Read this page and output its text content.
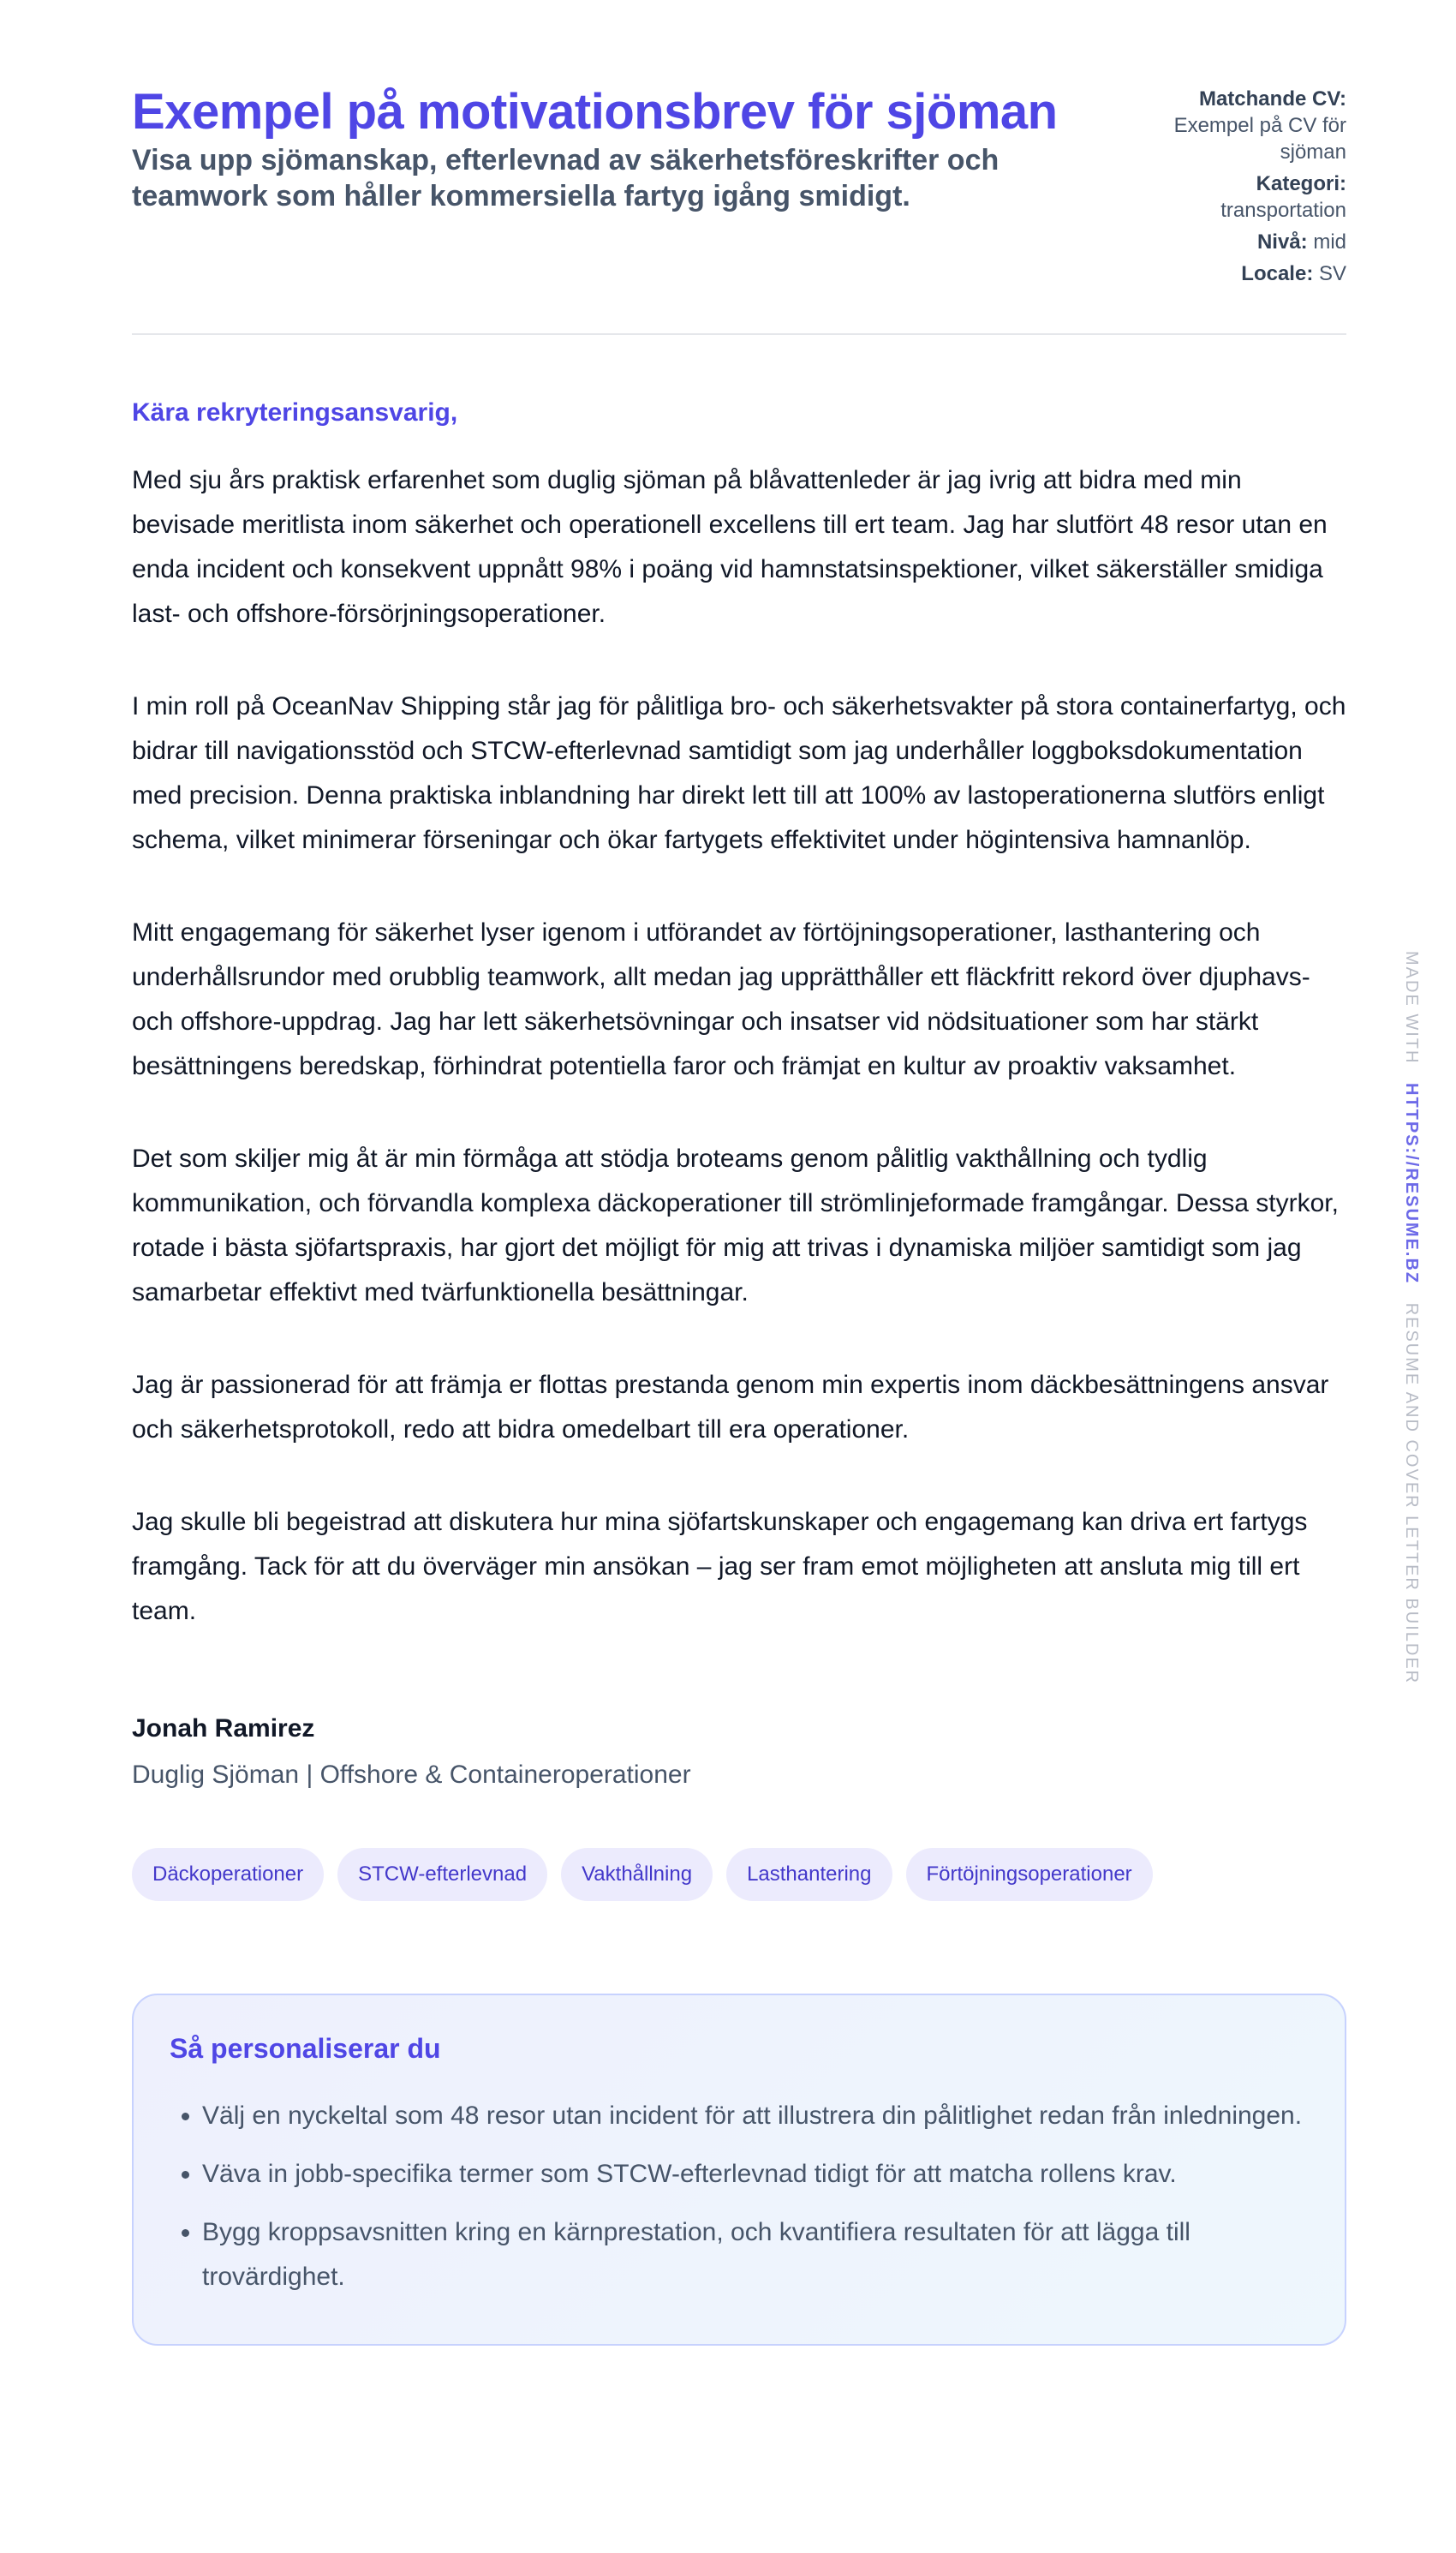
Exempel på motivationsbrev för sjöman
Visa upp sjömanskap, efterlevnad av säkerhetsföreskrifter och teamwork som håller kommersiella fartyg igång smidigt.
Matchande CV:
Exempel på CV för sjöman
Kategori:
transportation
Nivå: mid
Locale: SV
Kära rekryteringsansvarig,

Med sju års praktisk erfarenhet som duglig sjöman på blåvattenleder är jag ivrig att bidra med min bevisade meritlista inom säkerhet och operationell excellens till ert team. Jag har slutfört 48 resor utan en enda incident och konsekvent uppnått 98% i poäng vid hamnstatsinspektioner, vilket säkerställer smidiga last- och offshore-försörjningsoperationer.

I min roll på OceanNav Shipping står jag för pålitliga bro- och säkerhetsvakter på stora containerfartyg, och bidrar till navigationsstöd och STCW-efterlevnad samtidigt som jag underhåller loggboksdokumentation med precision. Denna praktiska inblandning har direkt lett till att 100% av lastoperationerna slutförs enligt schema, vilket minimerar förseningar och ökar fartygets effektivitet under högintensiva hamnanlöp.

Mitt engagemang för säkerhet lyser igenom i utförandet av förtöjningsoperationer, lasthantering och underhållsrundor med orubblig teamwork, allt medan jag upprätthåller ett fläckfritt rekord över djuphavs- och offshore-uppdrag. Jag har lett säkerhetsövningar och insatser vid nödsituationer som har stärkt besättningens beredskap, förhindrat potentiella faror och främjat en kultur av proaktiv vaksamhet.

Det som skiljer mig åt är min förmåga att stödja broteams genom pålitlig vakthållning och tydlig kommunikation, och förvandla komplexa däckoperationer till strömlinjeformade framgångar. Dessa styrkor, rotade i bästa sjöfartspraxis, har gjort det möjligt för mig att trivas i dynamiska miljöer samtidigt som jag samarbetar effektivt med tvärfunktionella besättningar.

Jag är passionerad för att främja er flottas prestanda genom min expertis inom däckbesättningens ansvar och säkerhetsprotokoll, redo att bidra omedelbart till era operationer.

Jag skulle bli begeistrad att diskutera hur mina sjöfartskunskaper och engagemang kan driva ert fartygs framgång. Tack för att du överväger min ansökan – jag ser fram emot möjligheten att ansluta mig till ert team.

Jonah Ramirez
Duglig Sjöman | Offshore & Containeroperationer
Däckoperationer	STCW-efterlevnad	Vakthållning	Lasthantering	Förtöjningsoperationer
Så personaliserar du
• Välj en nyckeltal som 48 resor utan incident för att illustrera din pålitlighet redan från inledningen.
• Väva in jobb-specifika termer som STCW-efterlevnad tidigt för att matcha rollens krav.
• Bygg kroppsavsnitten kring en kärnprestation, och kvantifiera resultaten för att lägga till trovärdighet.
MADE WITH HTTPS://RESUME.BZ RESUME AND COVER LETTER BUILDER
